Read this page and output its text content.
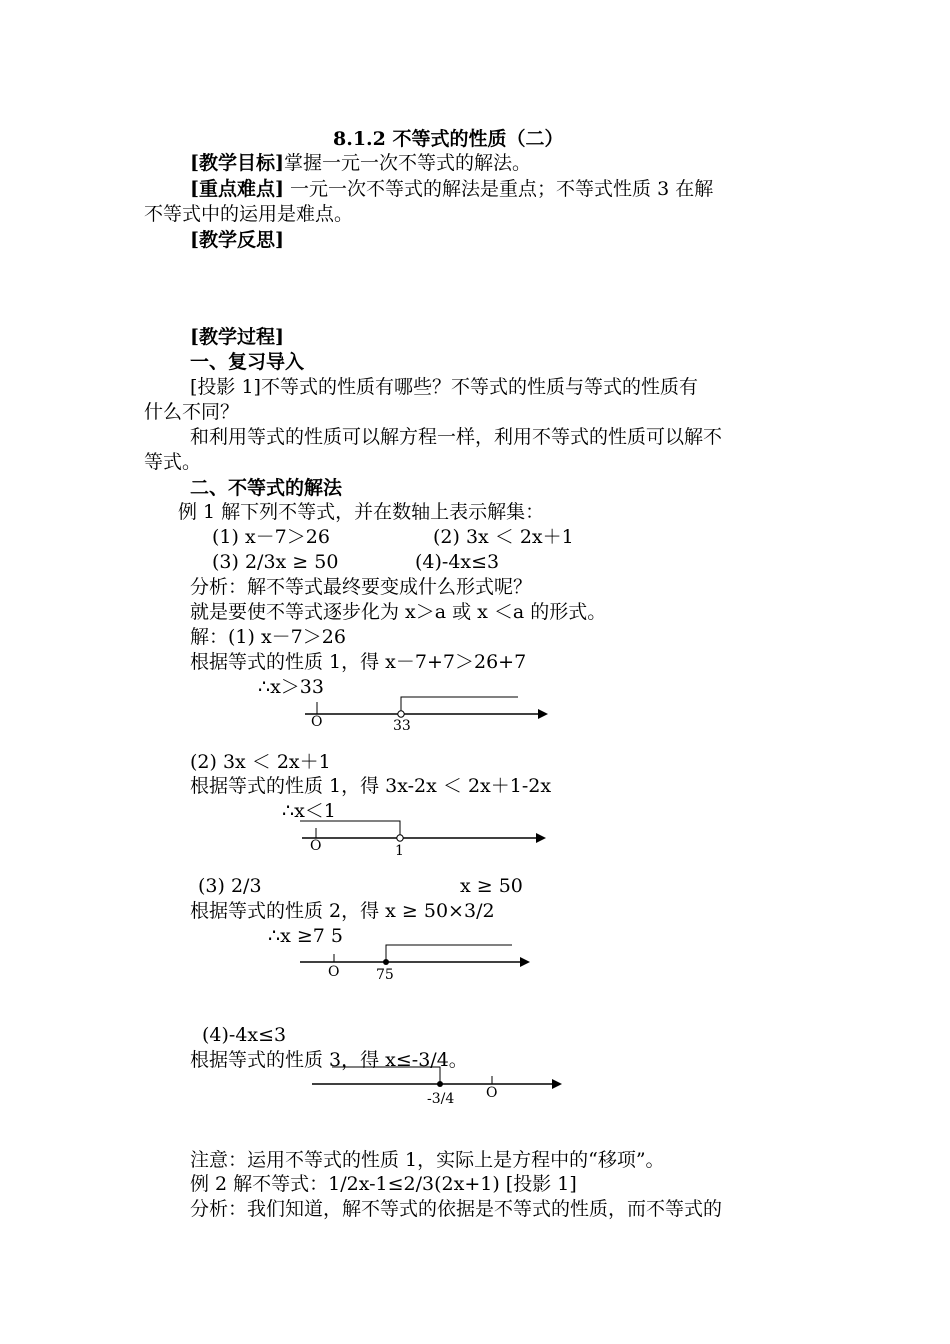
8.1.2 不等式的性质（二）
[教学目标]掌握一元一次不等式的解法。
[重点难点] 一元一次不等式的解法是重点；不等式性质 3 在解
不等式中的运用是难点。
[教学反思]
[教学过程]
一、复习导入
[投影 1]不等式的性质有哪些？不等式的性质与等式的性质有
什么不同？
和利用等式的性质可以解方程一样，利用不等式的性质可以解不
等式。
二、不等式的解法
例 1 解下列不等式，并在数轴上表示解集：
(1) x－7＞26	(2) 3x ＜ 2x＋1
(3) 2/3x ≥ 50	(4)-4x≤3
分析：解不等式最终要变成什么形式呢？
就是要使不等式逐步化为 x＞a 或 x ＜a 的形式。
解：(1) x－7＞26
根据等式的性质 1，得 x－7+7＞26+7
∴x＞33
O	33
(2) 3x ＜ 2x＋1
根据等式的性质 1，得 3x-2x ＜ 2x＋1-2x
∴x＜1
O	1
(3) 2/3	x ≥ 50
根据等式的性质 2，得 x ≥ 50×3/2
∴x ≥7 5
O	75
(4)-4x≤3
根据等式的性质 3，得 x≤-3/4。
-3/4 O
注意：运用不等式的性质 1，实际上是方程中的“移项”。
例 2 解不等式：1/2x-1≤2/3(2x+1) [投影 1]
分析：我们知道，解不等式的依据是不等式的性质，而不等式的
